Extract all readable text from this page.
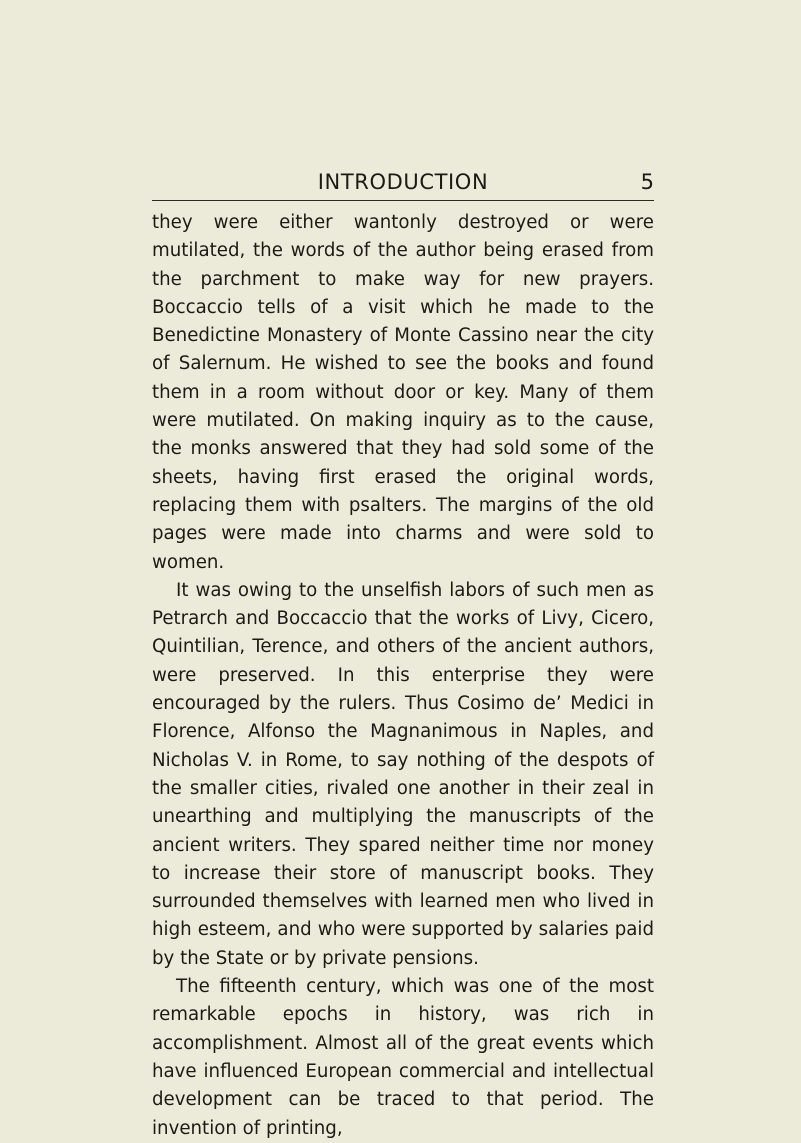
INTRODUCTION	5

they were either wantonly destroyed or were mutilated, the words of the author being erased from the parchment to make way for new prayers. Boccaccio tells of a visit which he made to the Benedictine Monastery of Monte Cassino near the city of Salernum. He wished to see the books and found them in a room without door or key. Many of them were mutilated. On making inquiry as to the cause, the monks answered that they had sold some of the sheets, having first erased the original words, replacing them with psalters. The margins of the old pages were made into charms and were sold to women.

It was owing to the unselfish labors of such men as Petrarch and Boccaccio that the works of Livy, Cicero, Quintilian, Terence, and others of the ancient authors, were preserved. In this enterprise they were encouraged by the rulers. Thus Cosimo de’ Medici in Florence, Alfonso the Magnanimous in Naples, and Nicholas V. in Rome, to say nothing of the despots of the smaller cities, rivaled one another in their zeal in unearthing and multiplying the manuscripts of the ancient writers. They spared neither time nor money to increase their store of manuscript books. They surrounded themselves with learned men who lived in high esteem, and who were supported by salaries paid by the State or by private pensions.

The fifteenth century, which was one of the most remarkable epochs in history, was rich in accomplishment. Almost all of the great events which have influenced European commercial and intellectual development can be traced to that period. The invention of printing,
